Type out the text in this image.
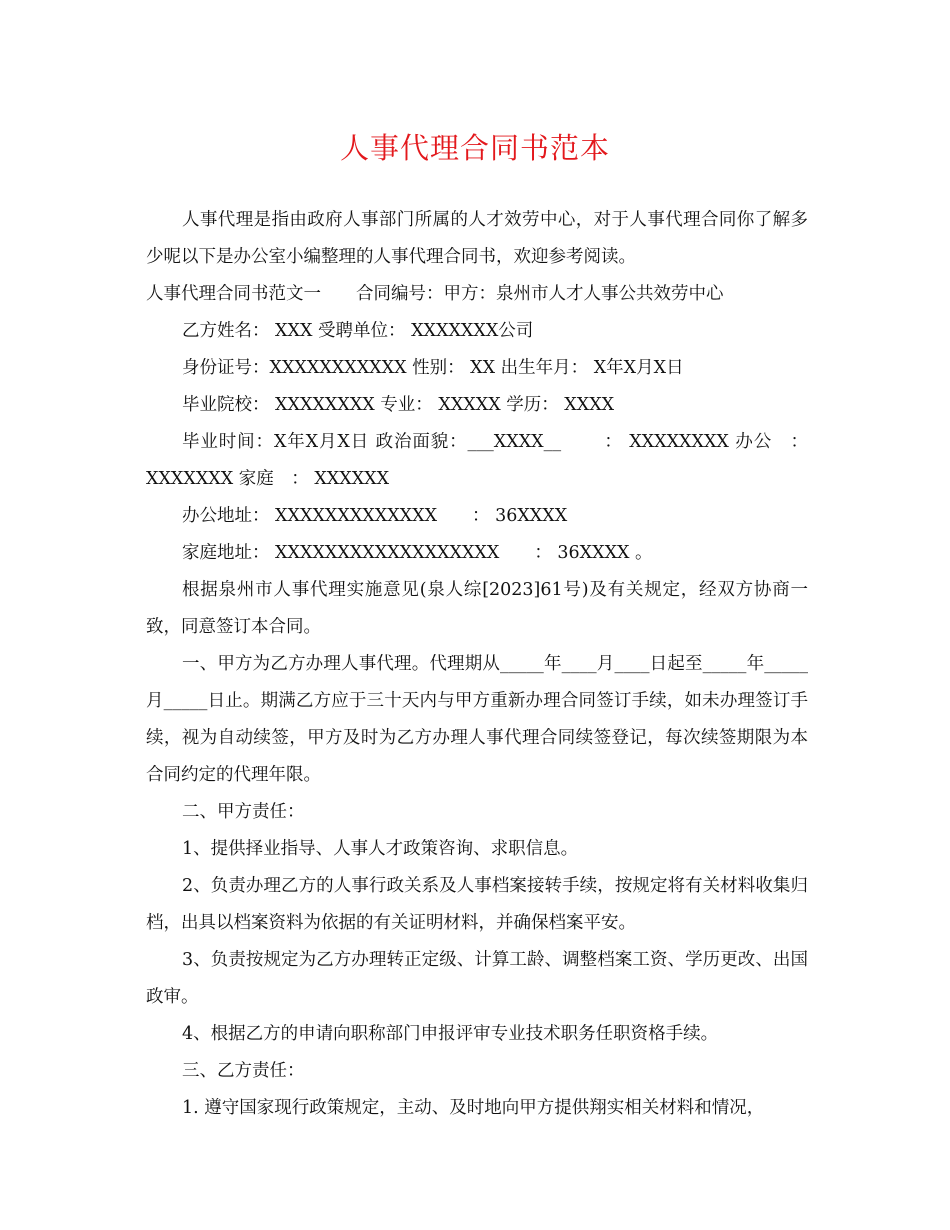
人事代理合同书范本

人事代理是指由政府人事部门所属的人才效劳中心，对于人事代理合同你了解多少呢以下是办公室小编整理的人事代理合同书，欢迎参考阅读。

人事代理合同书范文一　　合同编号：甲方：泉州市人才人事公共效劳中心

乙方姓名： XXX 受聘单位： XXXXXXX公司

身份证号：XXXXXXXXXXX 性别： XX 出生年月： X年X月X日

毕业院校： XXXXXXXX 专业： XXXXX 学历： XXXX

毕业时间：X年X月X日 政治面貌：___XXXX__ 　　： XXXXXXXX 办公　： XXXXXXX 家庭　： XXXXXX

办公地址： XXXXXXXXXXXXX　　： 36XXXX

家庭地址： XXXXXXXXXXXXXXXXXX　　： 36XXXX 。

根据泉州市人事代理实施意见(泉人综[2023]61号)及有关规定，经双方协商一致，同意签订本合同。

一、甲方为乙方办理人事代理。代理期从_____年____月____日起至_____年_____月_____日止。期满乙方应于三十天内与甲方重新办理合同签订手续，如未办理签订手续，视为自动续签，甲方及时为乙方办理人事代理合同续签登记，每次续签期限为本合同约定的代理年限。

二、甲方责任：

1、提供择业指导、人事人才政策咨询、求职信息。

2、负责办理乙方的人事行政关系及人事档案接转手续，按规定将有关材料收集归档，出具以档案资料为依据的有关证明材料，并确保档案平安。

3、负责按规定为乙方办理转正定级、计算工龄、调整档案工资、学历更改、出国政审。

4、根据乙方的申请向职称部门申报评审专业技术职务任职资格手续。

三、乙方责任：

1. 遵守国家现行政策规定，主动、及时地向甲方提供翔实相关材料和情况，
